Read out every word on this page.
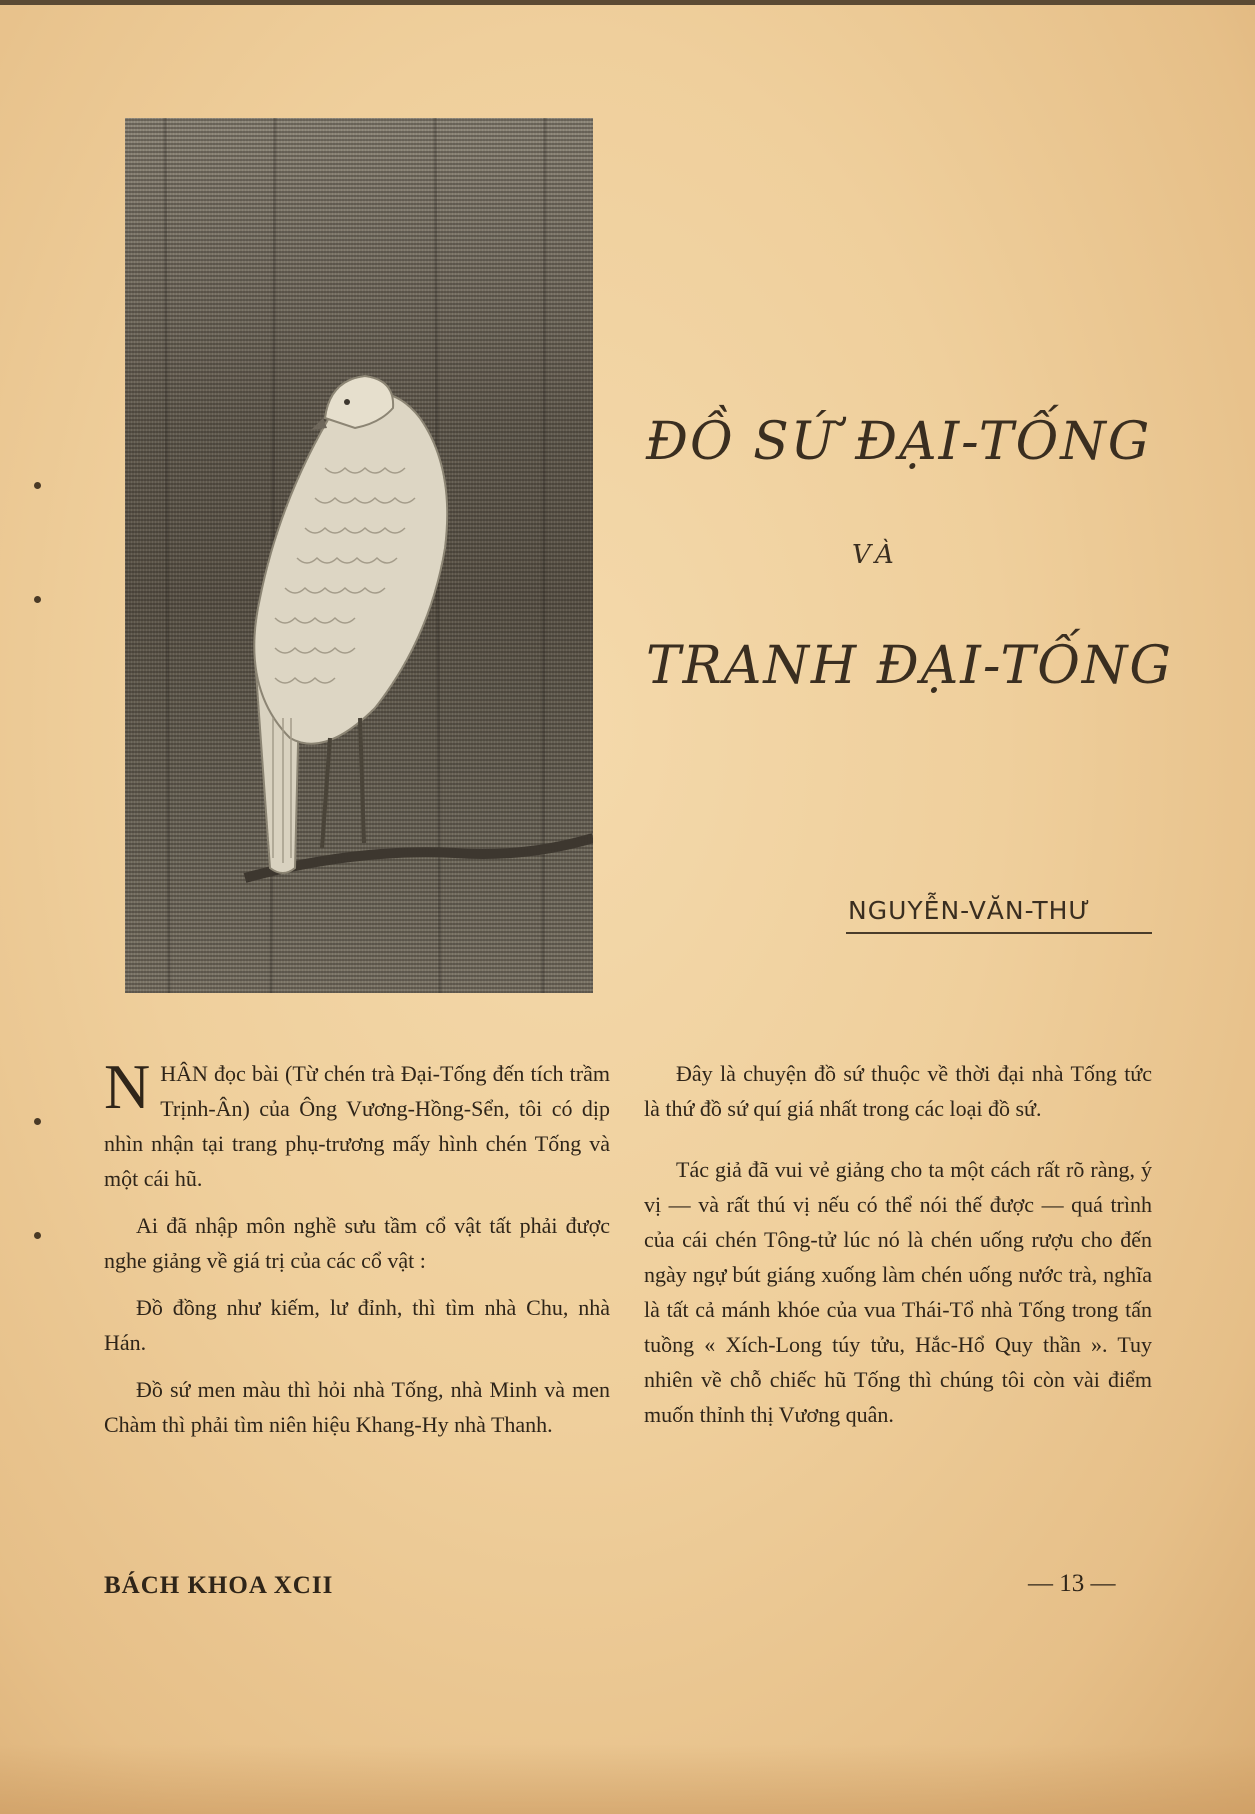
ĐỒ SỨ ĐẠI-TỐNG
VÀ
TRANH ĐẠI-TỐNG
NGUYỄN-VĂN-THƯ

NHÂN đọc bài (Từ chén trà Đại-Tống đến tích trầm Trịnh-Ân) của Ông Vương-Hồng-Sển, tôi có dịp nhìn nhận tại trang phụ-trương mấy hình chén Tống và một cái hũ.

Ai đã nhập môn nghề sưu tầm cổ vật tất phải được nghe giảng về giá trị của các cổ vật :

Đồ đồng như kiếm, lư đỉnh, thì tìm nhà Chu, nhà Hán.

Đồ sứ men màu thì hỏi nhà Tống, nhà Minh và men Chàm thì phải tìm niên hiệu Khang-Hy nhà Thanh.

Đây là chuyện đồ sứ thuộc về thời đại nhà Tống tức là thứ đồ sứ quí giá nhất trong các loại đồ sứ.

Tác giả đã vui vẻ giảng cho ta một cách rất rõ ràng, ý vị — và rất thú vị nếu có thể nói thế được — quá trình của cái chén Tông-tử lúc nó là chén uống rượu cho đến ngày ngự bút giáng xuống làm chén uống nước trà, nghĩa là tất cả mánh khóe của vua Thái-Tổ nhà Tống trong tấn tuồng « Xích-Long túy tửu, Hắc-Hổ Quy thần ». Tuy nhiên về chỗ chiếc hũ Tống thì chúng tôi còn vài điểm muốn thỉnh thị Vương quân.

BÁCH KHOA XCII	— 13 —
